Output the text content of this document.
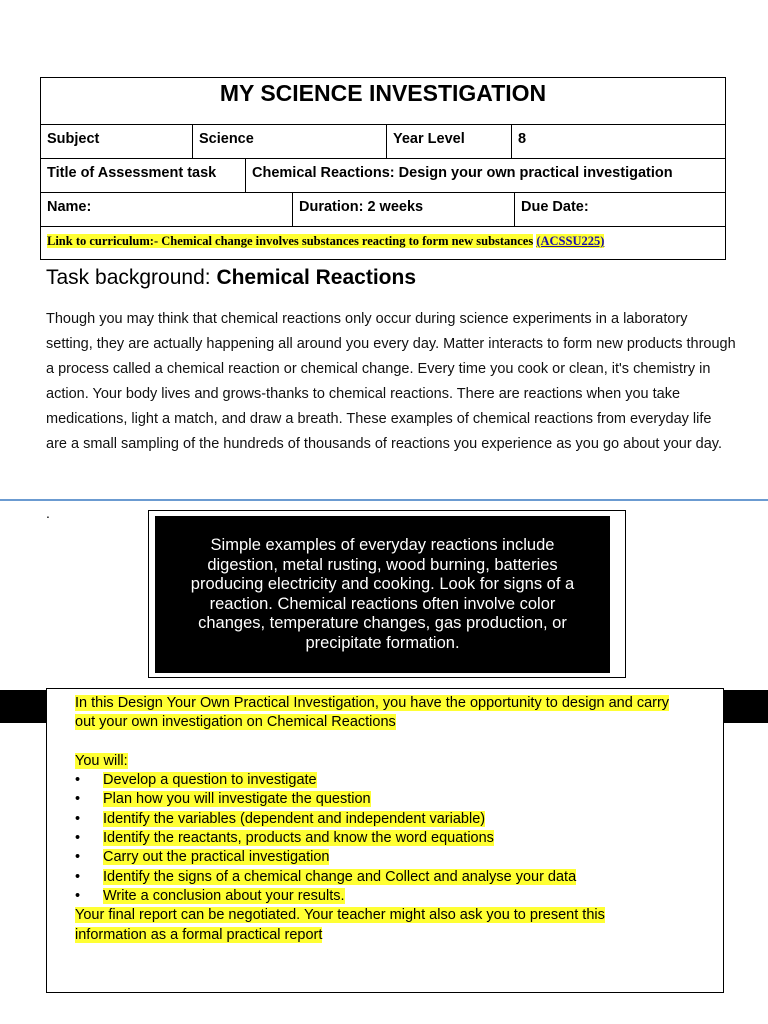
MY SCIENCE INVESTIGATION
Subject	Science	Year Level	8
Title of Assessment task	Chemical Reactions: Design your own practical investigation
Name:	Duration: 2 weeks	Due Date:
Link to curriculum:- Chemical change involves substances reacting to form new substances (ACSSU225)
Task background: Chemical Reactions
Though you may think that chemical reactions only occur during science experiments in a laboratory setting, they are actually happening all around you every day. Matter interacts to form new products through a process called a chemical reaction or chemical change. Every time you cook or clean, it's chemistry in action. Your body lives and grows-thanks to chemical reactions. There are reactions when you take medications, light a match, and draw a breath. These examples of chemical reactions from everyday life are a small sampling of the hundreds of thousands of reactions you experience as you go about your day.
.
Simple examples of everyday reactions include digestion, metal rusting, wood burning, batteries producing electricity and cooking. Look for signs of a reaction. Chemical reactions often involve color changes, temperature changes, gas production, or precipitate formation.
In this Design Your Own Practical Investigation, you have the opportunity to design and carry
out your own investigation on Chemical Reactions
You will:
• Develop a question to investigate
• Plan how you will investigate the question
• Identify the variables (dependent and independent variable)
• Identify the reactants, products and know the word equations
• Carry out the practical investigation
• Identify the signs of a chemical change and Collect and analyse your data
• Write a conclusion about your results.
Your final report can be negotiated. Your teacher might also ask you to present this
information as a formal practical report
